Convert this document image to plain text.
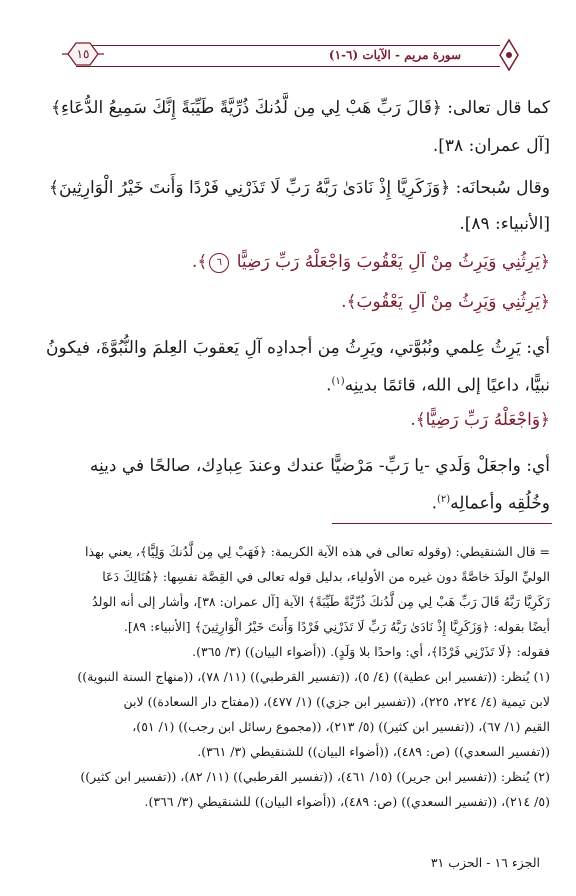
سورة مريم - الآيات (٦-١)
١٥
كما قال تعالى: ﴿قَالَ رَبِّ هَبْ لِي مِن لَّدُنكَ ذُرِّيَّةً طَيِّبَةً إِنَّكَ سَمِيعُ الدُّعَاءِ﴾
[آل عمران: ٣٨].
وقال سُبحانَه: ﴿وَزَكَرِيَّا إِذْ نَادَىٰ رَبَّهُ رَبِّ لَا تَذَرْنِي فَرْدًا وَأَنتَ خَيْرُ الْوَارِثِينَ﴾
[الأنبياء: ٨٩].
﴿يَرِثُنِي وَيَرِثُ مِنْ آلِ يَعْقُوبَ وَاجْعَلْهُ رَبِّ رَضِيًّا ٦﴾.
﴿يَرِثُنِي وَيَرِثُ مِنْ آلِ يَعْقُوبَ﴾.
أي: يَرِثُ عِلمي ونُبُوَّتي، ويَرِثُ مِن أجدادِه آلِ يَعقوبَ العِلمَ والنُّبُوَّةَ، فيكونُ
نبيًّا، داعيًا إلى الله، قائمًا بدينِه$^{(١)}$.
﴿وَاجْعَلْهُ رَبِّ رَضِيًّا﴾.
أي: واجعَلْ وَلَدي -يا رَبِّ- مَرْضيًّا عندك وعندَ عِبادِك، صالحًا في دينِه
وخُلُقِه وأعمالِه$^{(٢)}$.
= قال الشنقيطي: (وقوله تعالى في هذه الآية الكريمة: ﴿فَهَبْ لِي مِن لَّدُنكَ وَلِيًّا﴾، يعني بهذا
الوليِّ الولَدَ خاصَّةً دون غيره من الأولياء، بدليل قوله تعالى في القِصَّة نفسِها: ﴿هُنَالِكَ دَعَا
زَكَرِيَّا رَبَّهُ قَالَ رَبِّ هَبْ لِي مِن لَّدُنكَ ذُرِّيَّةً طَيِّبَةً﴾ الآية [آل عمران: ٣٨]، وأشار إلى أنه الولدُ
أيضًا بقوله: ﴿وَزَكَرِيَّا إِذْ نَادَىٰ رَبَّهُ رَبِّ لَا تَذَرْنِي فَرْدًا وَأَنتَ خَيْرُ الْوَارِثِينَ﴾ [الأنبياء: ٨٩].
فقوله: ﴿لَا تَذَرْنِي فَرْدًا﴾، أي: واحدًا بلا وَلَدٍ). ((أضواء البيان)) (٣/ ٣٦٥).
(١) يُنظر: ((تفسير ابن عطية)) (٤/ ٥)، ((تفسير القرطبي)) (١١/ ٧٨)، ((منهاج السنة النبوية))
لابن تيمية (٤/ ٢٢٤، ٢٢٥)، ((تفسير ابن جزي)) (١/ ٤٧٧)، ((مفتاح دار السعادة)) لابن
القيم (١/ ٦٧)، ((تفسير ابن كثير)) (٥/ ٢١٣)، ((مجموع رسائل ابن رجب)) (١/ ٥١)،
((تفسير السعدي)) (ص: ٤٨٩)، ((أضواء البيان)) للشنقيطي (٣/ ٣٦١).
(٢) يُنظر: ((تفسير ابن جرير)) (١٥/ ٤٦١)، ((تفسير القرطبي)) (١١/ ٨٢)، ((تفسير ابن كثير))
(٥/ ٢١٤)، ((تفسير السعدي)) (ص: ٤٨٩)، ((أضواء البيان)) للشنقيطي (٣/ ٣٦٦).
الجزء ١٦ - الحزب ٣١
